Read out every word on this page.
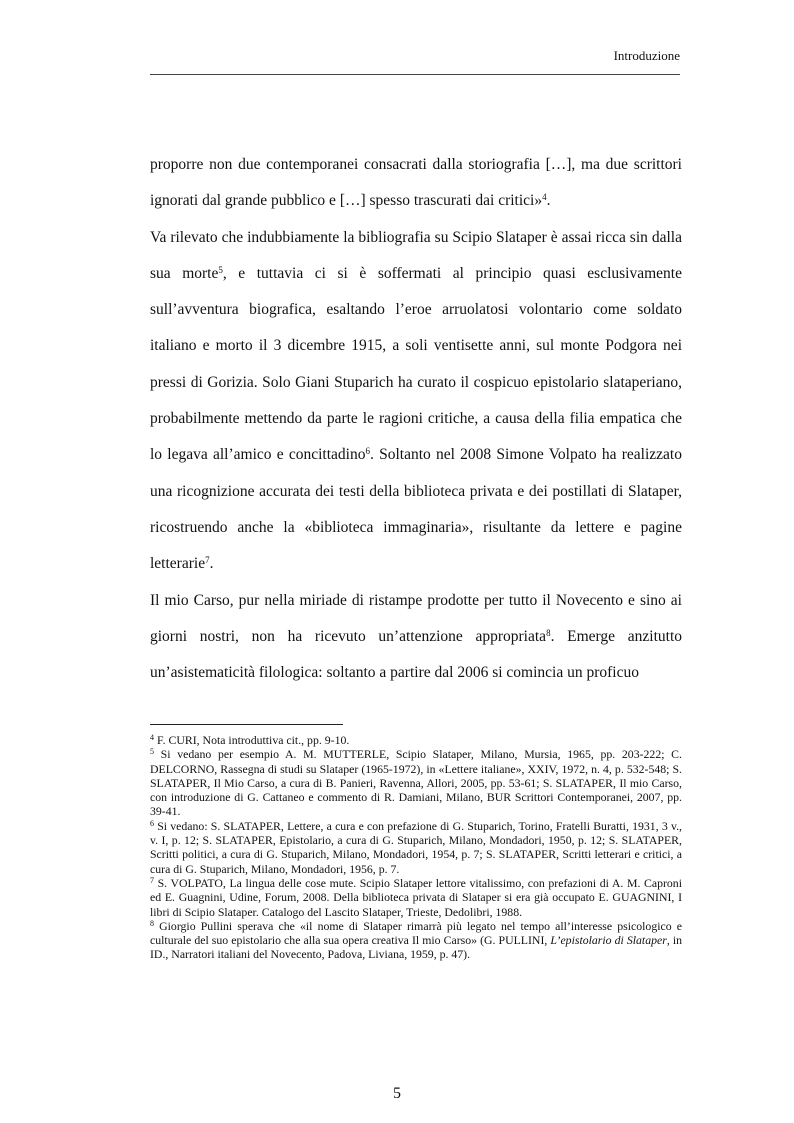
Introduzione

proporre non due contemporanei consacrati dalla storiografia […], ma due scrittori ignorati dal grande pubblico e […] spesso trascurati dai critici»$^4$.

Va rilevato che indubbiamente la bibliografia su Scipio Slataper è assai ricca sin dalla sua morte$^5$, e tuttavia ci si è soffermati al principio quasi esclusivamente sull’avventura biografica, esaltando l’eroe arruolatosi volontario come soldato italiano e morto il 3 dicembre 1915, a soli ventisette anni, sul monte Podgora nei pressi di Gorizia. Solo Giani Stuparich ha curato il cospicuo epistolario slataperiano, probabilmente mettendo da parte le ragioni critiche, a causa della filia empatica che lo legava all’amico e concittadino$^6$. Soltanto nel 2008 Simone Volpato ha realizzato una ricognizione accurata dei testi della biblioteca privata e dei postillati di Slataper, ricostruendo anche la «biblioteca immaginaria», risultante da lettere e pagine letterarie$^7$.

Il mio Carso, pur nella miriade di ristampe prodotte per tutto il Novecento e sino ai giorni nostri, non ha ricevuto un’attenzione appropriata$^8$. Emerge anzitutto un’asistematicità filologica: soltanto a partire dal 2006 si comincia un proficuo

$^4$ F. CURI, Nota introduttiva cit., pp. 9-10.

$^5$ Si vedano per esempio A. M. MUTTERLE, Scipio Slataper, Milano, Mursia, 1965, pp. 203-222; C. DELCORNO, Rassegna di studi su Slataper (1965-1972), in «Lettere italiane», XXIV, 1972, n. 4, p. 532-548; S. SLATAPER, Il Mio Carso, a cura di B. Panieri, Ravenna, Allori, 2005, pp. 53-61; S. SLATAPER, Il mio Carso, con introduzione di G. Cattaneo e commento di R. Damiani, Milano, BUR Scrittori Contemporanei, 2007, pp. 39-41.

$^6$ Si vedano: S. SLATAPER, Lettere, a cura e con prefazione di G. Stuparich, Torino, Fratelli Buratti, 1931, 3 v., v. I, p. 12; S. SLATAPER, Epistolario, a cura di G. Stuparich, Milano, Mondadori, 1950, p. 12; S. SLATAPER, Scritti politici, a cura di G. Stuparich, Milano, Mondadori, 1954, p. 7; S. SLATAPER, Scritti letterari e critici, a cura di G. Stuparich, Milano, Mondadori, 1956, p. 7.

$^7$ S. VOLPATO, La lingua delle cose mute. Scipio Slataper lettore vitalissimo, con prefazioni di A. M. Caproni ed E. Guagnini, Udine, Forum, 2008. Della biblioteca privata di Slataper si era già occupato E. GUAGNINI, I libri di Scipio Slataper. Catalogo del Lascito Slataper, Trieste, Dedolibri, 1988.

$^8$ Giorgio Pullini sperava che «il nome di Slataper rimarrà più legato nel tempo all’interesse psicologico e culturale del suo epistolario che alla sua opera creativa Il mio Carso» (G. PULLINI, L’epistolario di Slataper, in ID., Narratori italiani del Novecento, Padova, Liviana, 1959, p. 47).

5
